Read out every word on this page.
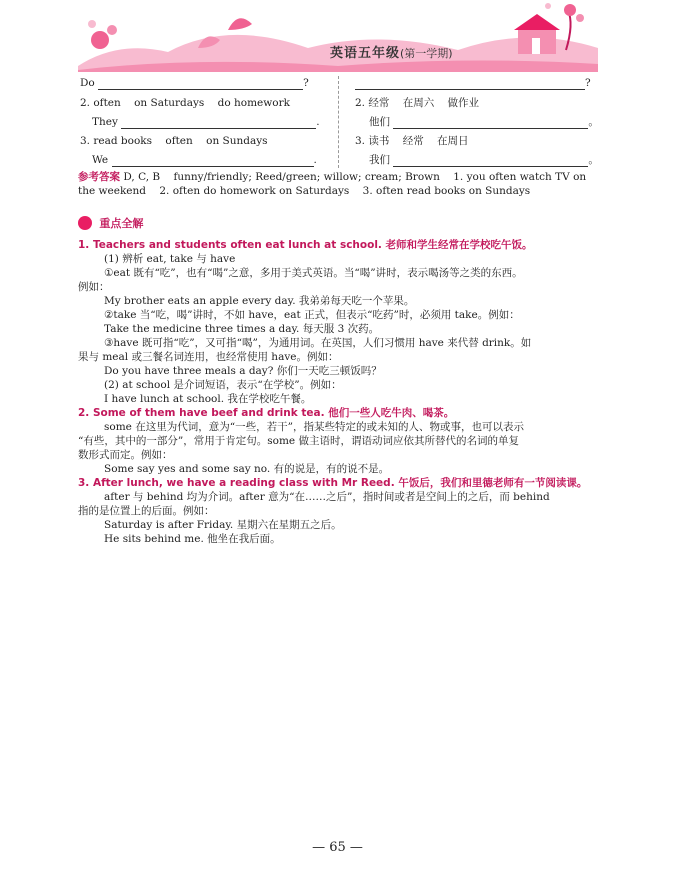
英语五年级(第一学期)
Do	?
2. often    on Saturdays    do homework
They	.
3. read books    often    on Sundays
We	.
?
2. 经常    在周六    做作业
他们	。
3. 读书    经常    在周日
我们	。
参考答案 D, C, B    funny/friendly; Reed/green; willow; cream; Brown    1. you often watch TV on
the weekend    2. often do homework on Saturdays    3. often read books on Sundays
重点全解
1. Teachers and students often eat lunch at school. 老师和学生经常在学校吃午饭。
(1) 辨析 eat, take 与 have
①eat 既有“吃”，也有“喝”之意，多用于美式英语。当“喝”讲时，表示喝汤等之类的东西。
例如：
My brother eats an apple every day. 我弟弟每天吃一个苹果。
②take 当“吃，喝”讲时，不如 have，eat 正式，但表示“吃药”时，必须用 take。例如：
Take the medicine three times a day. 每天服 3 次药。
③have 既可指“吃”，又可指“喝”，为通用词。在英国，人们习惯用 have 来代替 drink。如
果与 meal 或三餐名词连用，也经常使用 have。例如：
Do you have three meals a day? 你们一天吃三顿饭吗？
(2) at school 是介词短语，表示“在学校”。例如：
I have lunch at school. 我在学校吃午餐。
2. Some of them have beef and drink tea. 他们一些人吃牛肉、喝茶。
some 在这里为代词，意为“一些，若干”，指某些特定的或未知的人、物或事，也可以表示
“有些，其中的一部分”，常用于肯定句。some 做主语时，谓语动词应依其所替代的名词的单复
数形式而定。例如：
Some say yes and some say no. 有的说是，有的说不是。
3. After lunch, we have a reading class with Mr Reed. 午饭后，我们和里德老师有一节阅读课。
after 与 behind 均为介词。after 意为“在……之后”，指时间或者是空间上的之后，而 behind
指的是位置上的后面。例如：
Saturday is after Friday. 星期六在星期五之后。
He sits behind me. 他坐在我后面。
— 65 —
